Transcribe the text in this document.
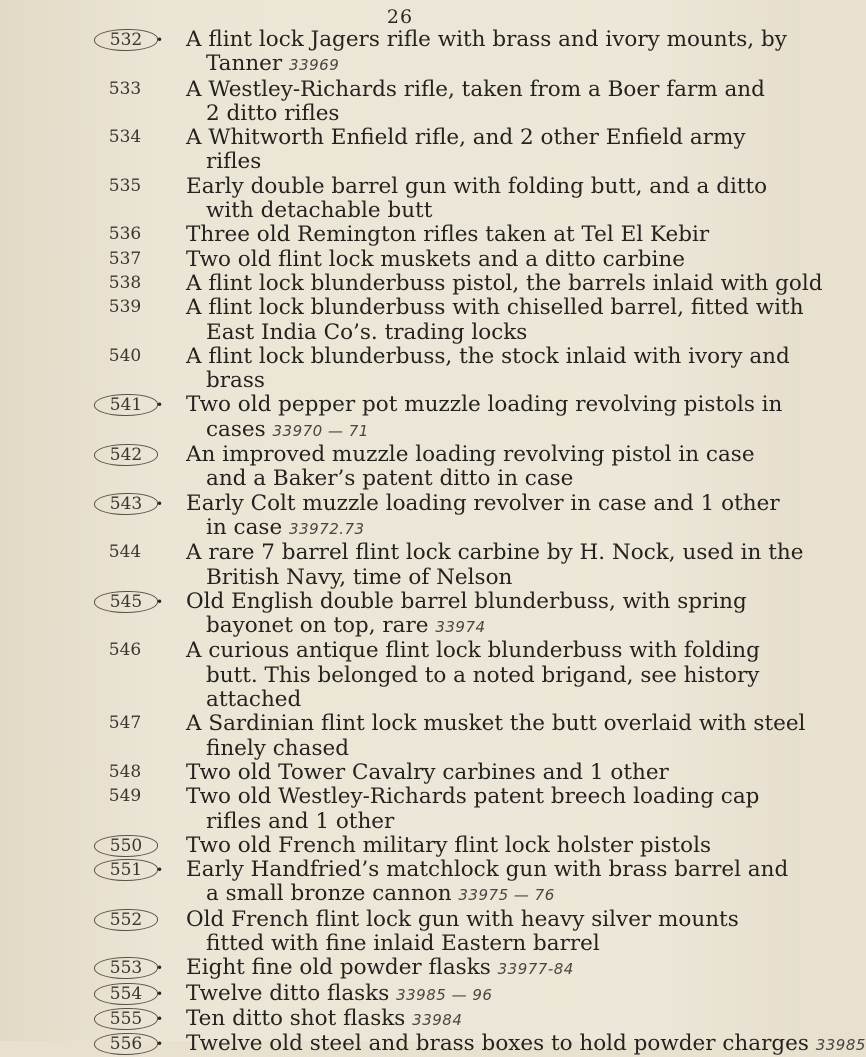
26
532	• A flint lock Jagers rifle with brass and ivory mounts, by
Tanner 33969
533	A Westley-Richards rifle, taken from a Boer farm and
2 ditto rifles
534	A Whitworth Enfield rifle, and 2 other Enfield army
rifles
535	Early double barrel gun with folding butt, and a ditto
with detachable butt
536	Three old Remington rifles taken at Tel El Kebir
537	Two old flint lock muskets and a ditto carbine
538	A flint lock blunderbuss pistol, the barrels inlaid with gold
539	A flint lock blunderbuss with chiselled barrel, fitted with
East India Co’s. trading locks
540	A flint lock blunderbuss, the stock inlaid with ivory and
brass
541	• Two old pepper pot muzzle loading revolving pistols in
cases 33970 — 71
542	An improved muzzle loading revolving pistol in case
and a Baker’s patent ditto in case
543	• Early Colt muzzle loading revolver in case and 1 other
in case 33972.73
544	A rare 7 barrel flint lock carbine by H. Nock, used in the
British Navy, time of Nelson
545	• Old English double barrel blunderbuss, with spring
bayonet on top, rare 33974
546	A curious antique flint lock blunderbuss with folding
butt. This belonged to a noted brigand, see history
attached
547	A Sardinian flint lock musket the butt overlaid with steel
finely chased
548	Two old Tower Cavalry carbines and 1 other
549	Two old Westley-Richards patent breech loading cap
rifles and 1 other
550	Two old French military flint lock holster pistols
551	• Early Handfried’s matchlock gun with brass barrel and
a small bronze cannon 33975 — 76
552	Old French flint lock gun with heavy silver mounts
fitted with fine inlaid Eastern barrel
553	• Eight fine old powder flasks 33977-84
554	• Twelve ditto flasks 33985 — 96
555	• Ten ditto shot flasks 33984
556	• Twelve old steel and brass boxes to hold powder charges 33985
